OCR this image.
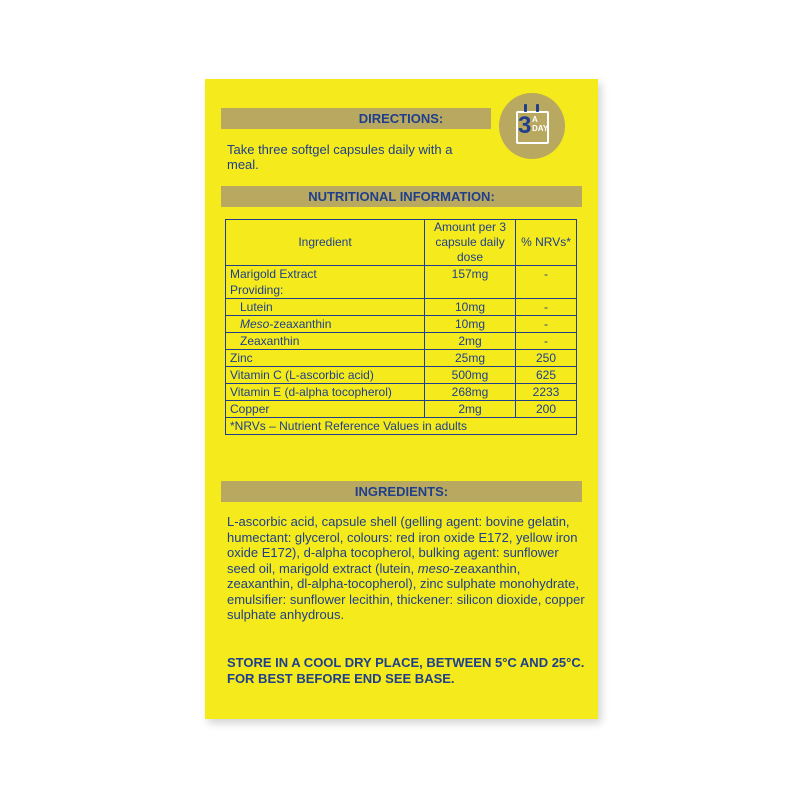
DIRECTIONS:	3 A
DAY
Take three softgel capsules daily with a meal.
NUTRITIONAL INFORMATION:
Ingredient	Amount per 3 capsule daily dose	% NRVs*
Marigold Extract	157mg	-
Providing:		
Lutein	10mg	-
Meso-zeaxanthin	10mg	-
Zeaxanthin	2mg	-
Zinc	25mg	250
Vitamin C (L-ascorbic acid)	500mg	625
Vitamin E (d-alpha tocopherol)	268mg	2233
Copper	2mg	200
*NRVs – Nutrient Reference Values in adults		
INGREDIENTS:
L-ascorbic acid, capsule shell (gelling agent: bovine gelatin, humectant: glycerol, colours: red iron oxide E172, yellow iron oxide E172), d-alpha tocopherol, bulking agent: sunflower seed oil, marigold extract (lutein, meso-zeaxanthin, zeaxanthin, dl-alpha-tocopherol), zinc sulphate monohydrate, emulsifier: sunflower lecithin, thickener: silicon dioxide, copper sulphate anhydrous.
STORE IN A COOL DRY PLACE, BETWEEN 5°C AND 25°C. FOR BEST BEFORE END SEE BASE.
